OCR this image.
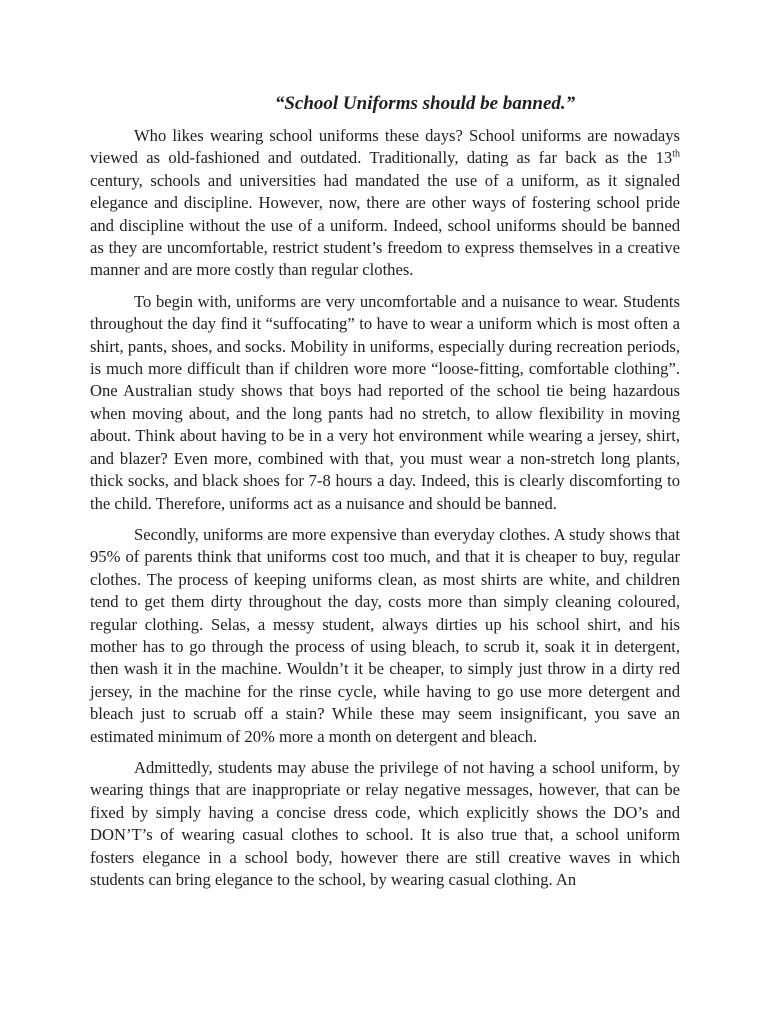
“School Uniforms should be banned.”

Who likes wearing school uniforms these days? School uniforms are nowadays viewed as old-fashioned and outdated. Traditionally, dating as far back as the 13th century, schools and universities had mandated the use of a uniform, as it signaled elegance and discipline. However, now, there are other ways of fostering school pride and discipline without the use of a uniform. Indeed, school uniforms should be banned as they are uncomfortable, restrict student’s freedom to express themselves in a creative manner and are more costly than regular clothes.

To begin with, uniforms are very uncomfortable and a nuisance to wear. Students throughout the day find it “suffocating” to have to wear a uniform which is most often a shirt, pants, shoes, and socks. Mobility in uniforms, especially during recreation periods, is much more difficult than if children wore more “loose-fitting, comfortable clothing”. One Australian study shows that boys had reported of the school tie being hazardous when moving about, and the long pants had no stretch, to allow flexibility in moving about. Think about having to be in a very hot environment while wearing a jersey, shirt, and blazer? Even more, combined with that, you must wear a non-stretch long plants, thick socks, and black shoes for 7-8 hours a day. Indeed, this is clearly discomforting to the child. Therefore, uniforms act as a nuisance and should be banned.

Secondly, uniforms are more expensive than everyday clothes. A study shows that 95% of parents think that uniforms cost too much, and that it is cheaper to buy, regular clothes. The process of keeping uniforms clean, as most shirts are white, and children tend to get them dirty throughout the day, costs more than simply cleaning coloured, regular clothing. Selas, a messy student, always dirties up his school shirt, and his mother has to go through the process of using bleach, to scrub it, soak it in detergent, then wash it in the machine. Wouldn’t it be cheaper, to simply just throw in a dirty red jersey, in the machine for the rinse cycle, while having to go use more detergent and bleach just to scruab off a stain? While these may seem insignificant, you save an estimated minimum of 20% more a month on detergent and bleach.

Admittedly, students may abuse the privilege of not having a school uniform, by wearing things that are inappropriate or relay negative messages, however, that can be fixed by simply having a concise dress code, which explicitly shows the DO’s and DON’T’s of wearing casual clothes to school. It is also true that, a school uniform fosters elegance in a school body, however there are still creative waves in which students can bring elegance to the school, by wearing casual clothing. An
